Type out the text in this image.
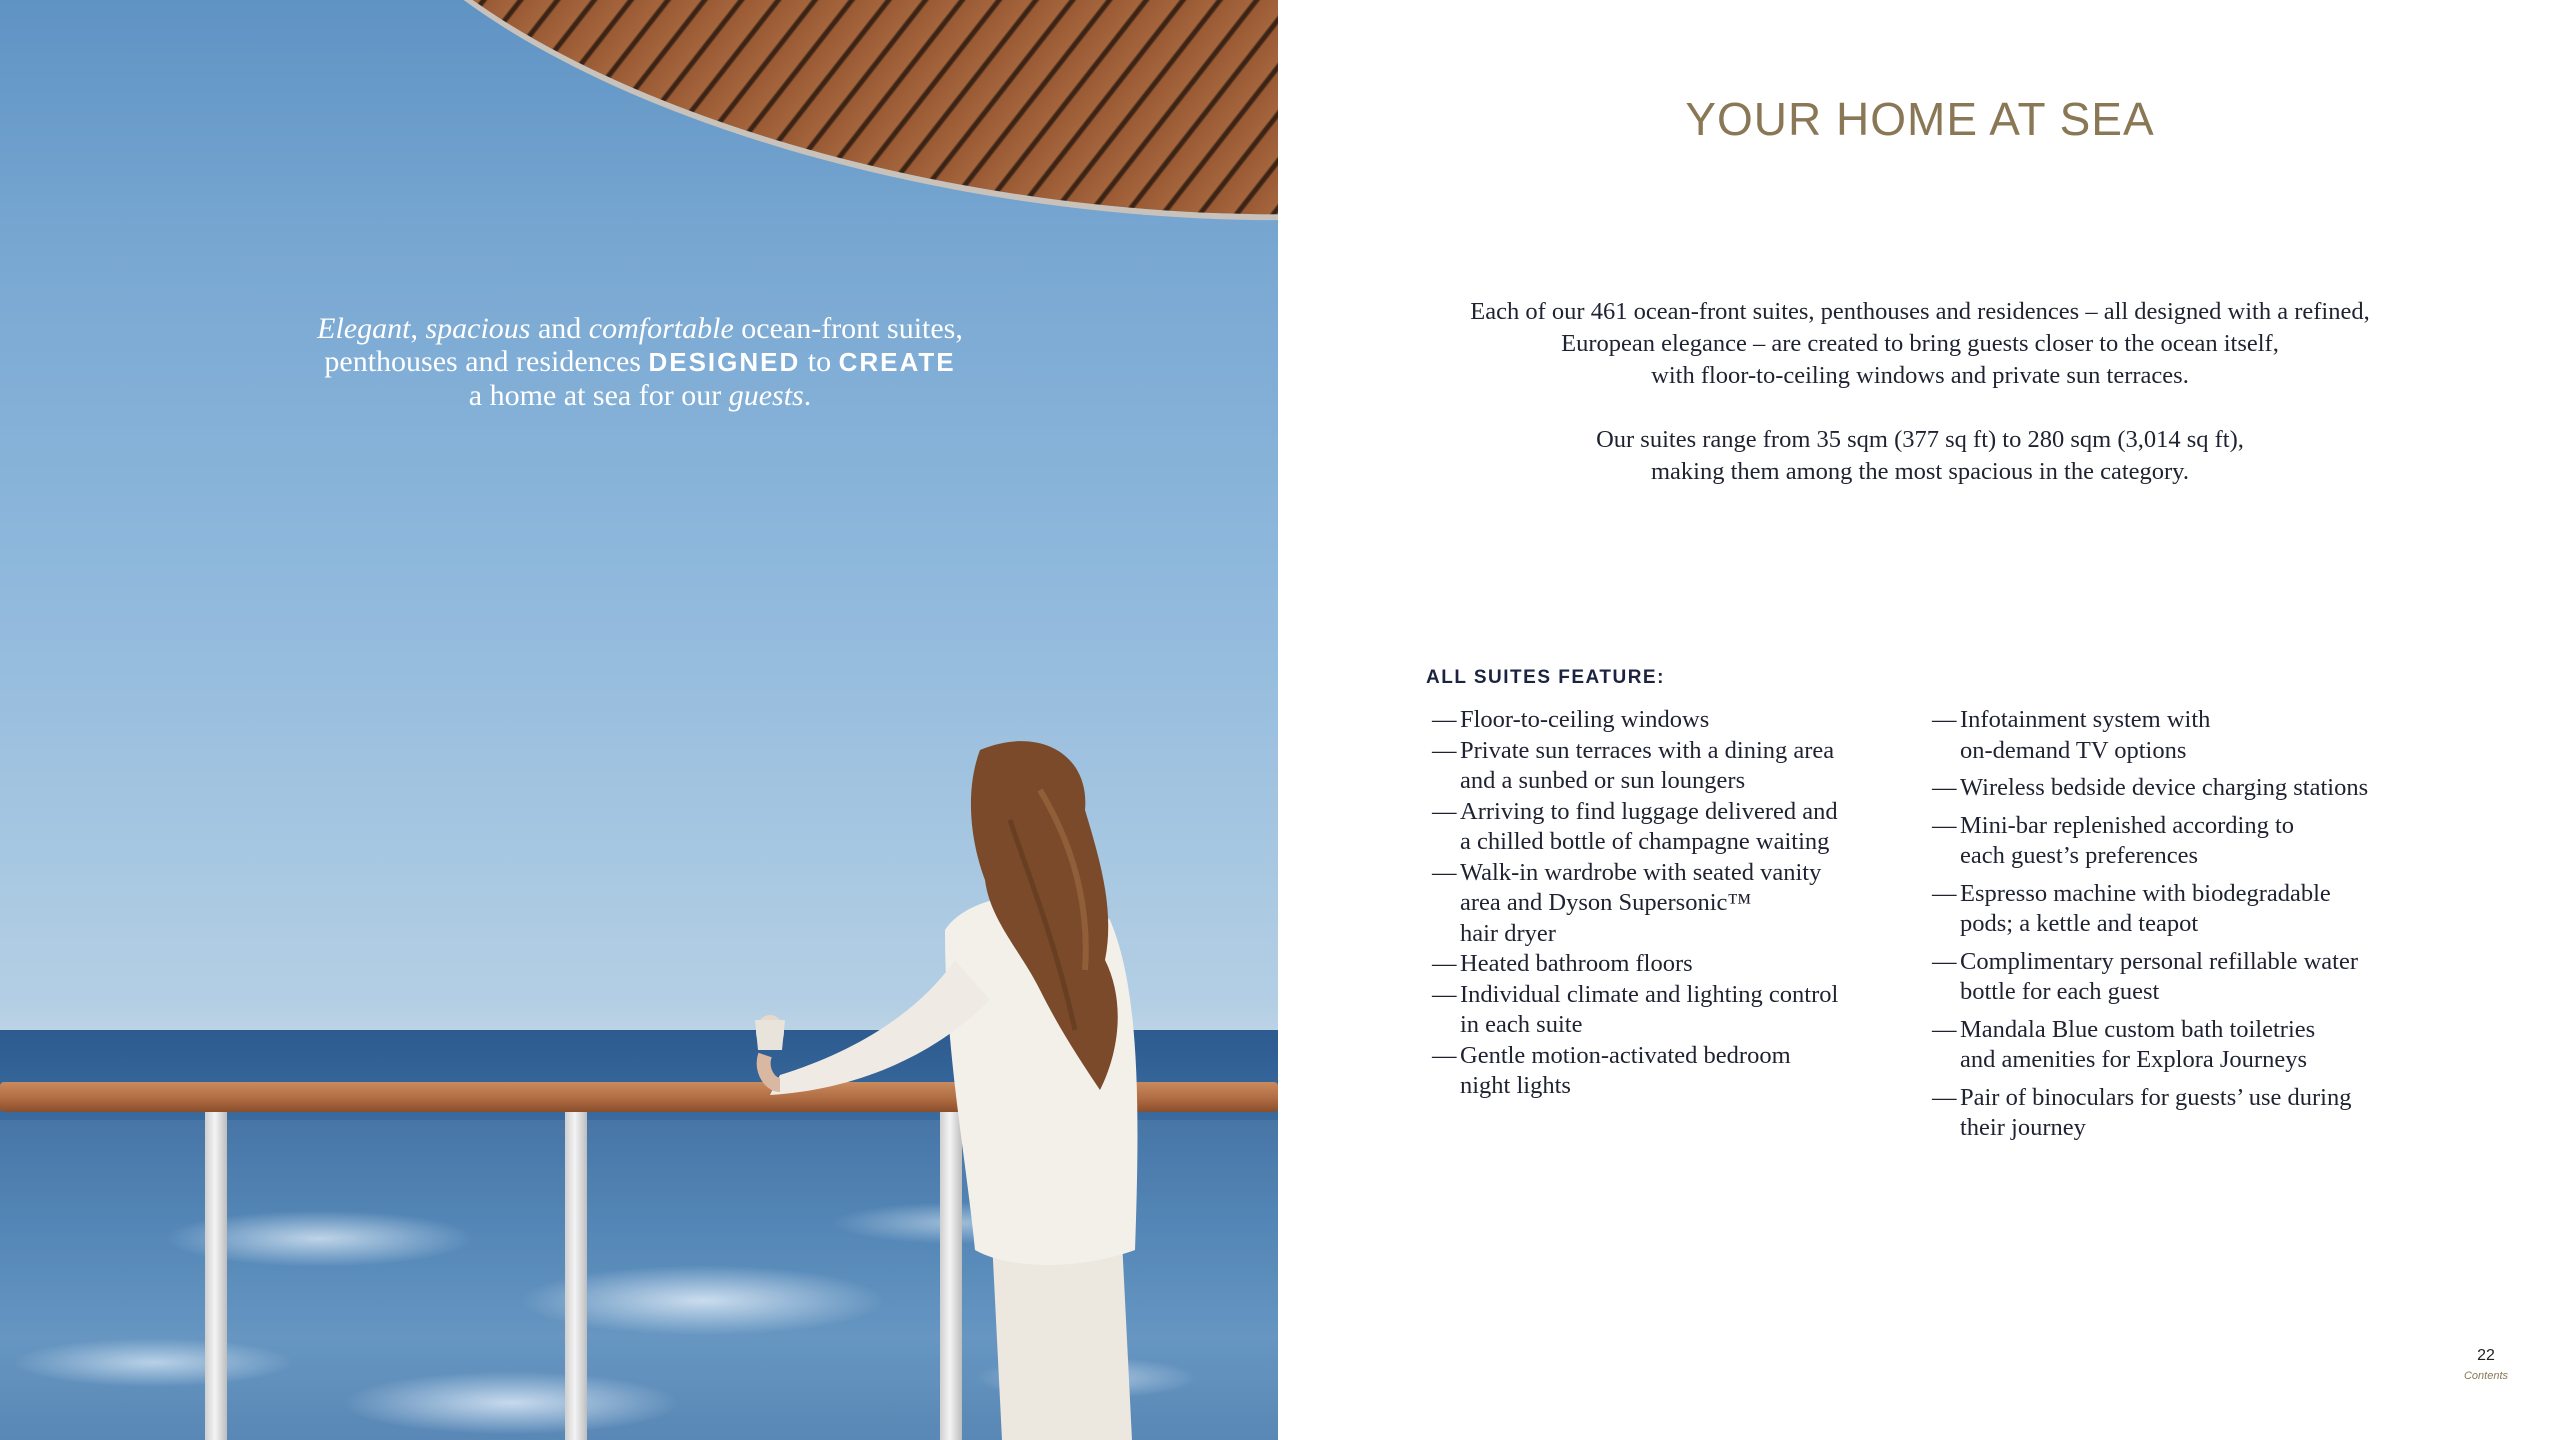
Elegant, spacious and comfortable ocean-front suites,
penthouses and residences DESIGNED to CREATE
a home at sea for our guests.
YOUR HOME AT SEA

Each of our 461 ocean-front suites, penthouses and residences – all designed with a refined,
European elegance – are created to bring guests closer to the ocean itself,
with floor-to-ceiling windows and private sun terraces.

Our suites range from 35 sqm (377 sq ft) to 280 sqm (3,014 sq ft),
making them among the most spacious in the category.

ALL SUITES FEATURE:
— Floor-to-ceiling windows
— Private sun terraces with a dining area
and a sunbed or sun loungers
— Arriving to find luggage delivered and
a chilled bottle of champagne waiting
— Walk-in wardrobe with seated vanity
area and Dyson Supersonic™
hair dryer
— Heated bathroom floors
— Individual climate and lighting control
in each suite
— Gentle motion-activated bedroom
night lights
— Infotainment system with
on-demand TV options
— Wireless bedside device charging stations
— Mini-bar replenished according to
each guest’s preferences
— Espresso machine with biodegradable
pods; a kettle and teapot
— Complimentary personal refillable water
bottle for each guest
— Mandala Blue custom bath toiletries
and amenities for Explora Journeys
— Pair of binoculars for guests’ use during
their journey
22
Contents
